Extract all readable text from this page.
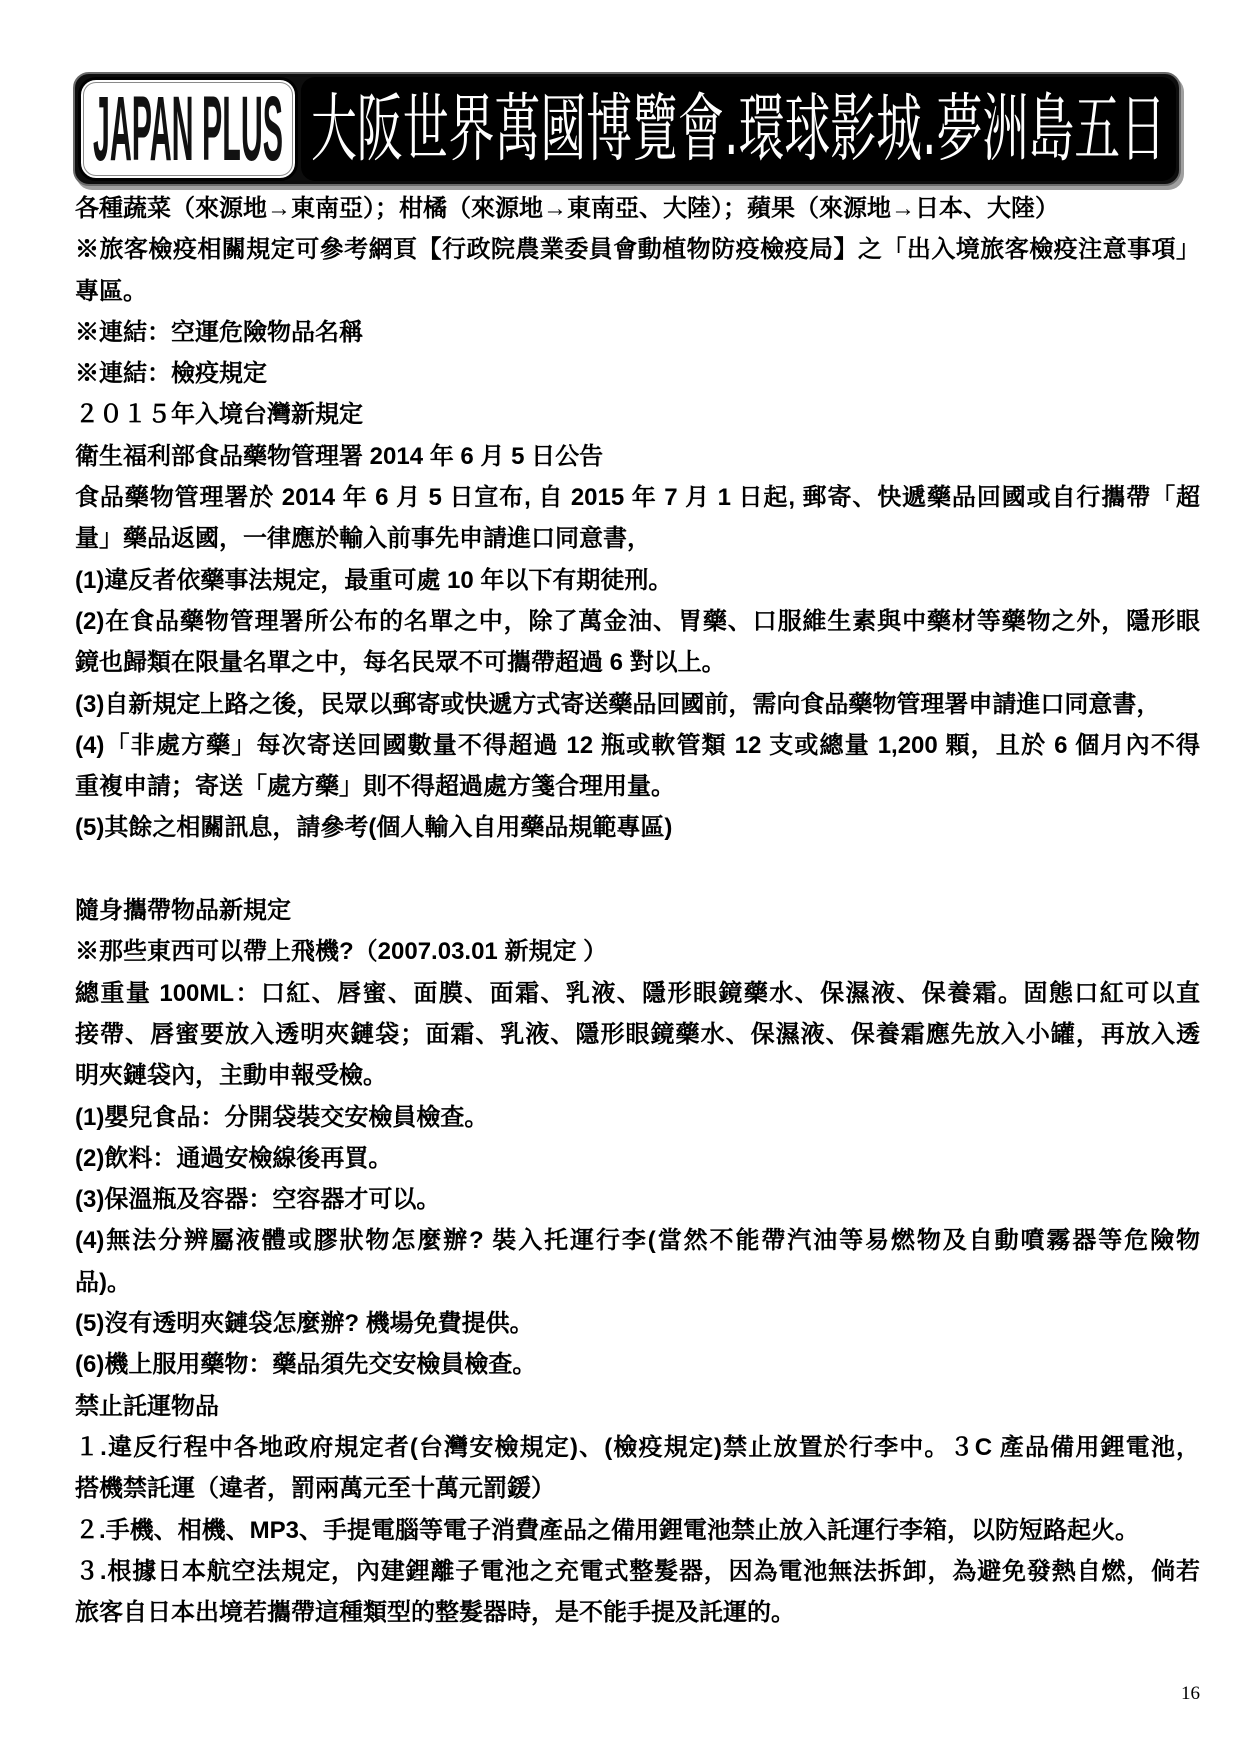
JAPAN PLUS 大阪世界萬國博覽會.環球影城.夢洲島五日
各種蔬菜（來源地→東南亞）；柑橘（來源地→東南亞、大陸）；蘋果（來源地→日本、大陸）
※旅客檢疫相關規定可參考網頁【行政院農業委員會動植物防疫檢疫局】之「出入境旅客檢疫注意事項」
專區。
※連結：空運危險物品名稱
※連結：檢疫規定
２０１５年入境台灣新規定
衛生福利部食品藥物管理署 2014 年 6 月 5 日公告
食品藥物管理署於 2014 年 6 月 5 日宣布, 自 2015 年 7 月 1 日起, 郵寄、快遞藥品回國或自行攜帶「超
量」藥品返國，一律應於輸入前事先申請進口同意書，
(1)違反者依藥事法規定，最重可處 10 年以下有期徒刑。
(2)在食品藥物管理署所公布的名單之中，除了萬金油、胃藥、口服維生素與中藥材等藥物之外，隱形眼
鏡也歸類在限量名單之中，每名民眾不可攜帶超過 6 對以上。
(3)自新規定上路之後，民眾以郵寄或快遞方式寄送藥品回國前，需向食品藥物管理署申請進口同意書，
(4)「非處方藥」每次寄送回國數量不得超過 12 瓶或軟管類 12 支或總量 1,200 顆，且於 6 個月內不得
重複申請；寄送「處方藥」則不得超過處方箋合理用量。
(5)其餘之相關訊息，請參考(個人輸入自用藥品規範專區)
隨身攜帶物品新規定
※那些東西可以帶上飛機?（2007.03.01 新規定 ）
總重量 100ML：口紅、唇蜜、面膜、面霜、乳液、隱形眼鏡藥水、保濕液、保養霜。固態口紅可以直
接帶、唇蜜要放入透明夾鏈袋；面霜、乳液、隱形眼鏡藥水、保濕液、保養霜應先放入小罐，再放入透
明夾鏈袋內，主動申報受檢。
(1)嬰兒食品：分開袋裝交安檢員檢查。
(2)飲料：通過安檢線後再買。
(3)保溫瓶及容器：空容器才可以。
(4)無法分辨屬液體或膠狀物怎麼辦? 裝入托運行李(當然不能帶汽油等易燃物及自動噴霧器等危險物
品)。
(5)沒有透明夾鏈袋怎麼辦? 機場免費提供。
(6)機上服用藥物：藥品須先交安檢員檢查。
禁止託運物品
１.違反行程中各地政府規定者(台灣安檢規定)、(檢疫規定)禁止放置於行李中。３C 產品備用鋰電池，
搭機禁託運（違者，罰兩萬元至十萬元罰鍰）
２.手機、相機、MP3、手提電腦等電子消費產品之備用鋰電池禁止放入託運行李箱，以防短路起火。
３.根據日本航空法規定，內建鋰離子電池之充電式整髮器，因為電池無法拆卸，為避免發熱自燃，倘若
旅客自日本出境若攜帶這種類型的整髮器時，是不能手提及託運的。
16
